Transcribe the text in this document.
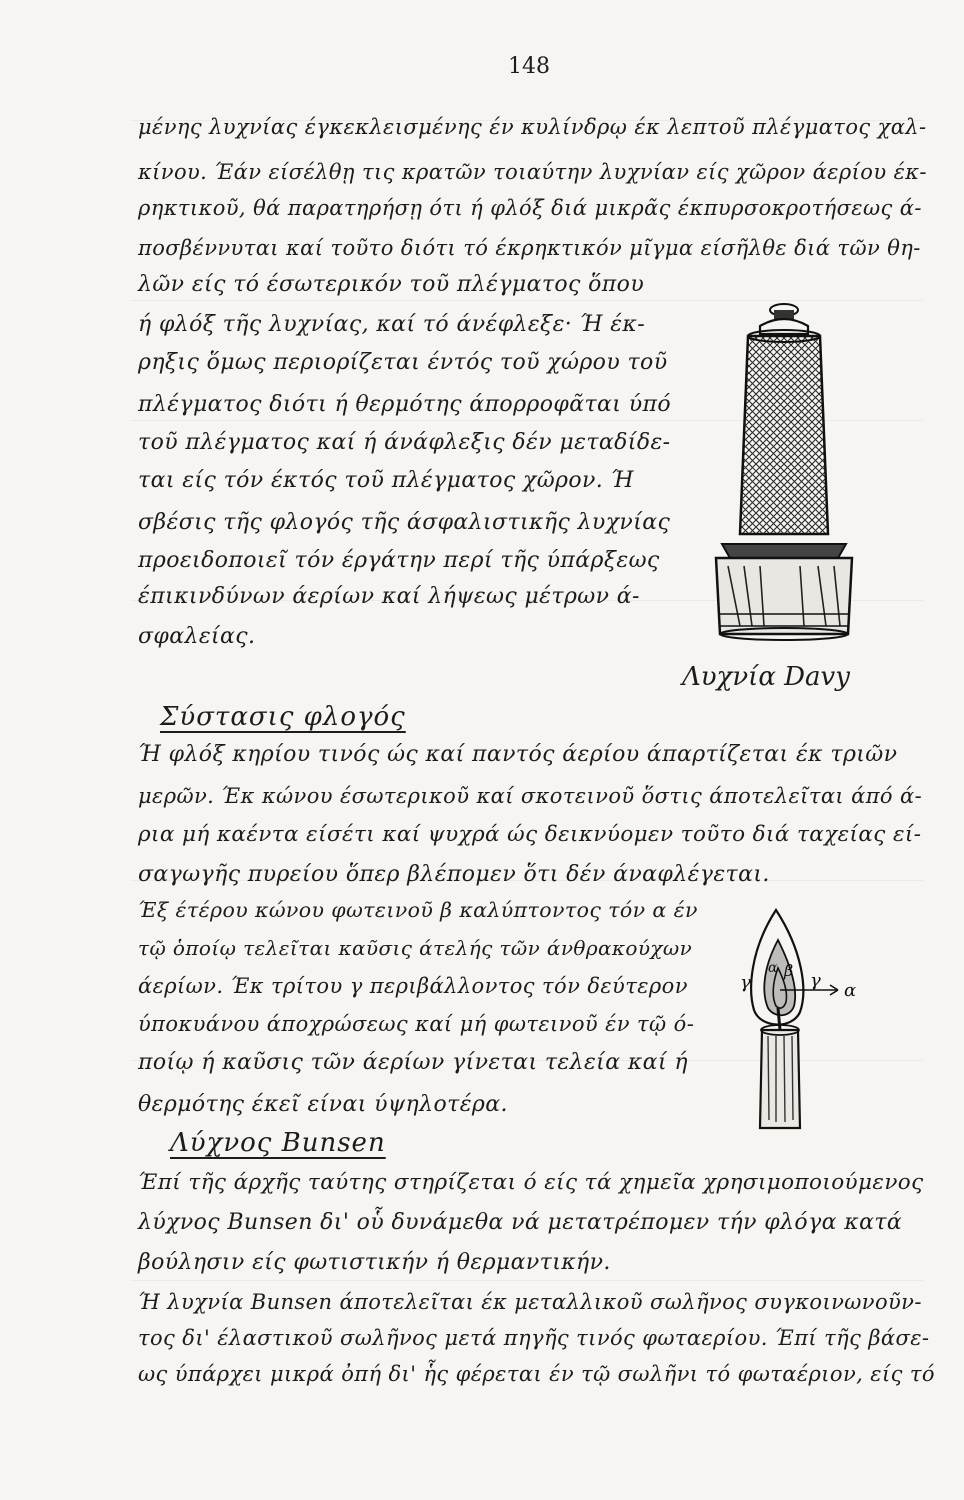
148
μένης λυχνίας έγκεκλεισμένης έν κυλίνδρῳ έκ λεπτοῦ πλέγματος χαλ-
κίνου. Έάν είσέλθῃ τις κρατῶν τοιαύτην λυχνίαν είς χῶρον άερίου έκ-
ρηκτικοῦ, θά παρατηρήσῃ ότι ή φλόξ διά μικρᾶς έκπυρσοκροτήσεως ά-
ποσβέννυται καί τοῦτο διότι τό έκρηκτικόν μῖγμα είσῆλθε διά τῶν θη-
λῶν είς τό έσωτερικόν τοῦ πλέγματος ὅπου
ή φλόξ τῆς λυχνίας, καί τό άνέφλεξε· Ή έκ-
ρηξις ὅμως περιορίζεται έντός τοῦ χώρου τοῦ
πλέγματος διότι ή θερμότης άπορροφᾶται ύπό
τοῦ πλέγματος καί ή άνάφλεξις δέν μεταδίδε-
ται είς τόν έκτός τοῦ πλέγματος χῶρον. Ή
σβέσις τῆς φλογός τῆς άσφαλιστικῆς λυχνίας
προειδοποιεῖ τόν έργάτην περί τῆς ύπάρξεως
έπικινδύνων άερίων καί λήψεως μέτρων ά-
σφαλείας.
Λυχνία Davy
Σύστασις φλογός
Ή φλόξ κηρίου τινός ώς καί παντός άερίου άπαρτίζεται έκ τριῶν
μερῶν. Έκ κώνου έσωτερικοῦ καί σκοτεινοῦ ὅστις άποτελεῖται άπό ά-
ρια μή καέντα είσέτι καί ψυχρά ώς δεικνύομεν τοῦτο διά ταχείας εί-
σαγωγῆς πυρείου ὅπερ βλέπομεν ὅτι δέν άναφλέγεται.
Έξ έτέρου κώνου φωτεινοῦ β καλύπτοντος τόν α έν
τῷ ὁποίῳ τελεῖται καῦσις άτελής τῶν άνθρακούχων
άερίων. Έκ τρίτου γ περιβάλλοντος τόν δεύτερον
ύποκυάνου άποχρώσεως καί μή φωτεινοῦ έν τῷ ό-
ποίῳ ή καῦσις τῶν άερίων γίνεται τελεία καί ή
θερμότης έκεῖ είναι ύψηλοτέρα.
γ
β γ
α
α
Λύχνος Bunsen
Έπί τῆς άρχῆς ταύτης στηρίζεται ό είς τά χημεῖα χρησιμοποιούμενος
λύχνος Bunsen δι' οὗ δυνάμεθα νά μετατρέπομεν τήν φλόγα κατά
βούλησιν είς φωτιστικήν ή θερμαντικήν.
Ή λυχνία Bunsen άποτελεῖται έκ μεταλλικοῦ σωλῆνος συγκοινωνοῦν-
τος δι' έλαστικοῦ σωλῆνος μετά πηγῆς τινός φωταερίου. Έπί τῆς βάσε-
ως ύπάρχει μικρά ὀπή δι' ἧς φέρεται έν τῷ σωλῆνι τό φωταέριον, είς τό
